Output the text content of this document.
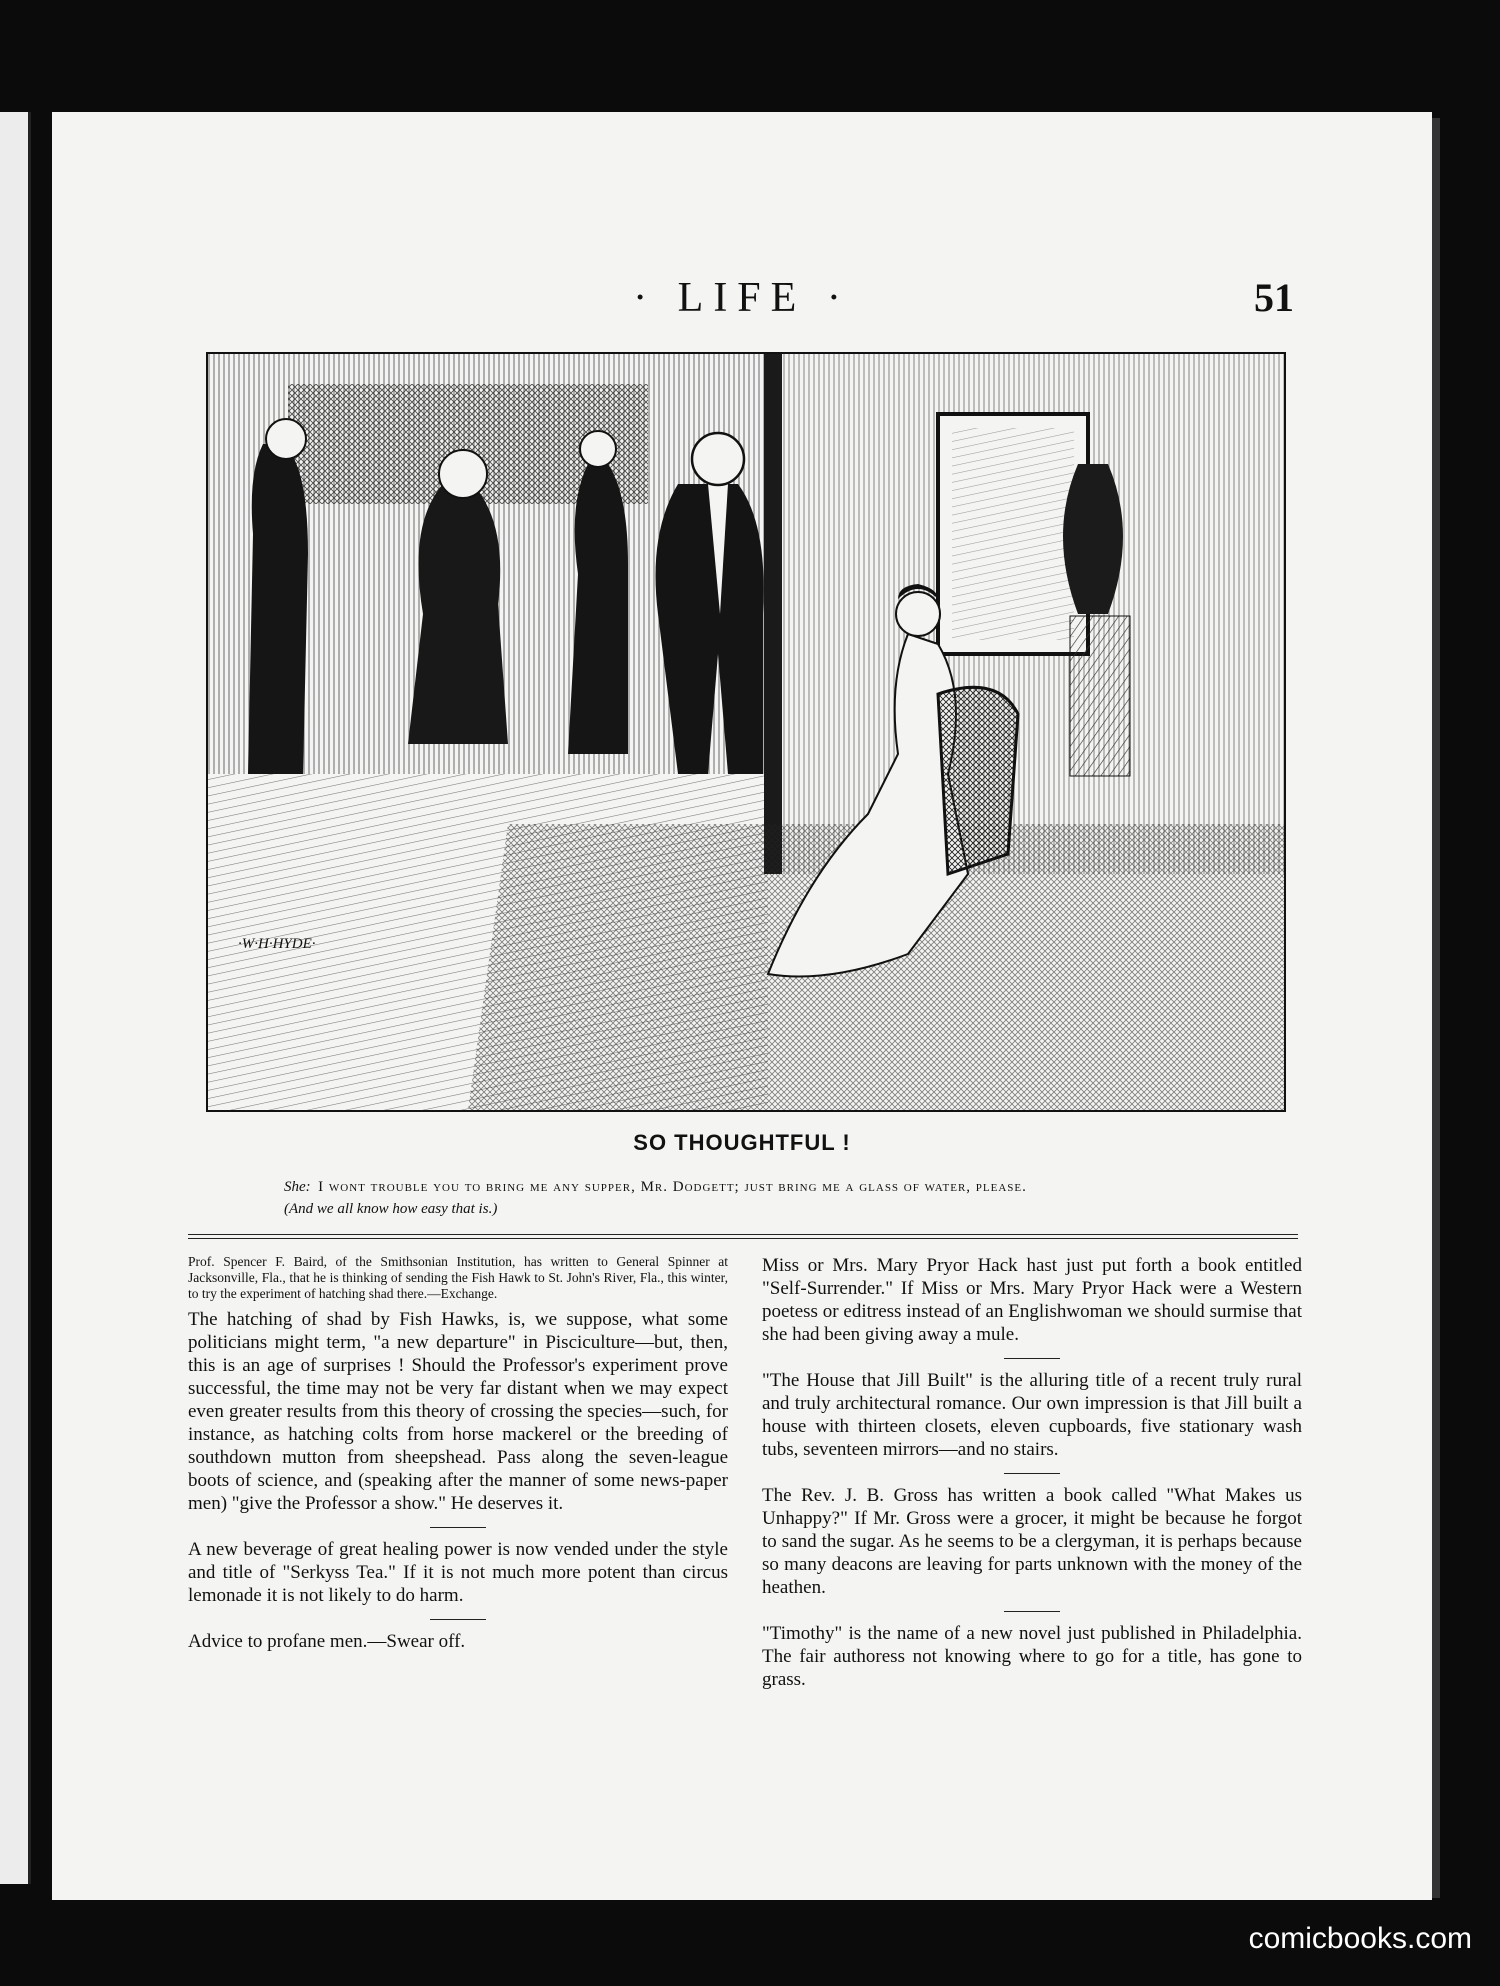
· LIFE ·	51
·W·H·HYDE·
SO THOUGHTFUL !
She: I wont trouble you to bring me any supper, Mr. Dodgett; just bring me a glass of water, please.
(And we all know how easy that is.)

Prof. Spencer F. Baird, of the Smithsonian Institution, has written to General Spinner at Jacksonville, Fla., that he is thinking of sending the Fish Hawk to St. John's River, Fla., this winter, to try the experiment of hatching shad there.—Exchange.

The hatching of shad by Fish Hawks, is, we suppose, what some politicians might term, "a new departure" in Pisciculture—but, then, this is an age of surprises ! Should the Professor's experiment prove successful, the time may not be very far distant when we may expect even greater results from this theory of crossing the species—such, for instance, as hatching colts from horse mackerel or the breeding of southdown mutton from sheepshead. Pass along the seven-league boots of science, and (speaking after the manner of some news-paper men) "give the Professor a show." He deserves it.

A new beverage of great healing power is now vended under the style and title of "Serkyss Tea." If it is not much more potent than circus lemonade it is not likely to do harm.

Advice to profane men.—Swear off.

Miss or Mrs. Mary Pryor Hack hast just put forth a book entitled "Self-Surrender." If Miss or Mrs. Mary Pryor Hack were a Western poetess or editress instead of an Englishwoman we should surmise that she had been giving away a mule.

"The House that Jill Built" is the alluring title of a recent truly rural and truly architectural romance. Our own impression is that Jill built a house with thirteen closets, eleven cupboards, five stationary wash tubs, seventeen mirrors—and no stairs.

The Rev. J. B. Gross has written a book called "What Makes us Unhappy?" If Mr. Gross were a grocer, it might be because he forgot to sand the sugar. As he seems to be a clergyman, it is perhaps because so many deacons are leaving for parts unknown with the money of the heathen.

"Timothy" is the name of a new novel just published in Philadelphia. The fair authoress not knowing where to go for a title, has gone to grass.

comicbooks.com
